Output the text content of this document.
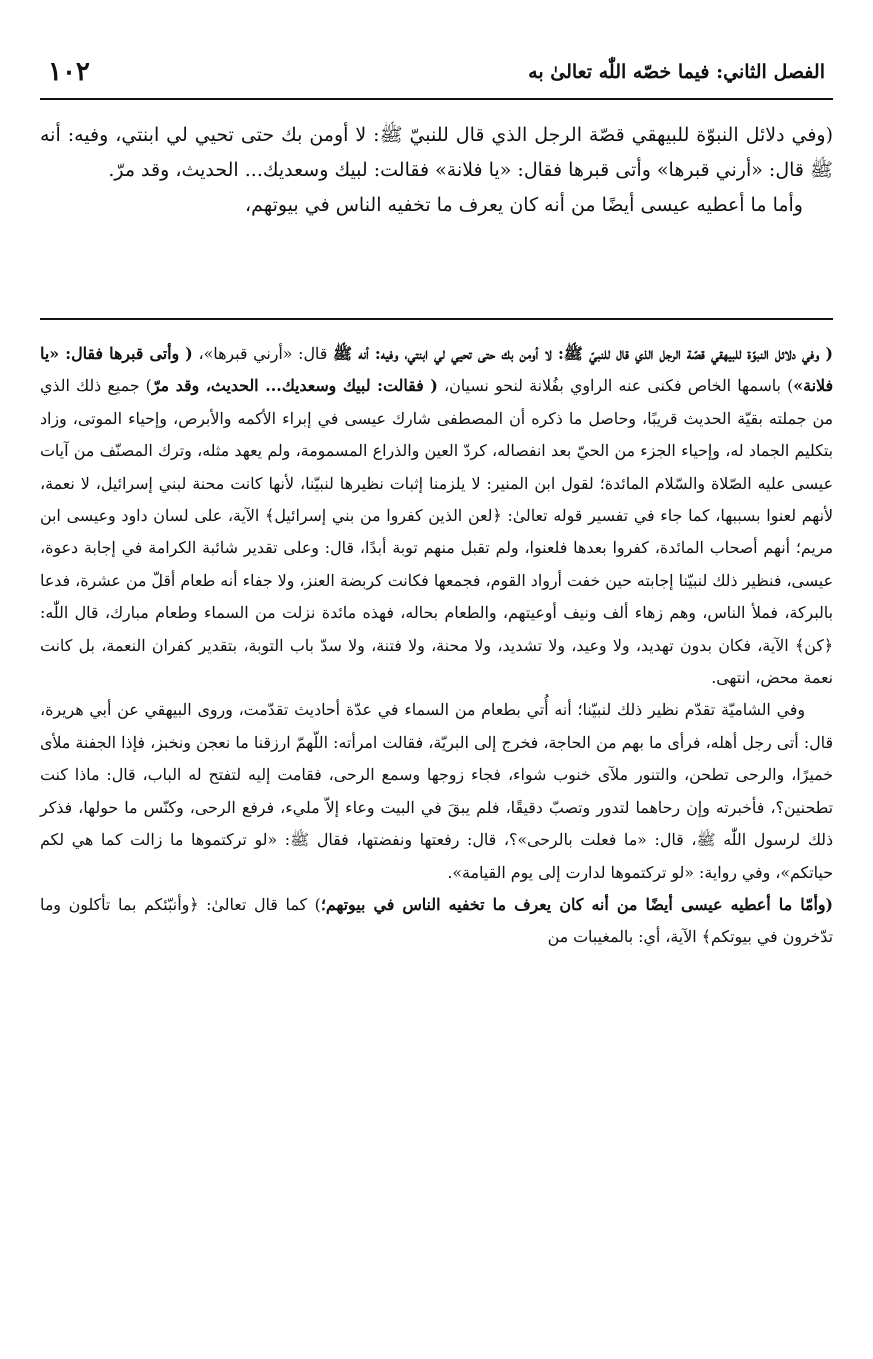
الفصل الثاني: فيما خصّه اللّٰه تعالىٰ به
١٠٢

(وفي دلائل النبوّة للبيهقي قصّة الرجل الذي قال للنبيّ ﷺ: لا أومن بك حتى تحيي لي ابنتي، وفيه: أنه ﷺ قال: «أرني قبرها» وأتى قبرها فقال: «يا فلانة» فقالت: لبيك وسعديك... الحديث، وقد مرّ.

وأما ما أعطيه عيسى أيضًا من أنه كان يعرف ما تخفيه الناس في بيوتهم،

( وفي دلائل النبوّة للبيهقي قصّة الرجل الذي قال للنبيّ ﷺ: لا أومن بك حتى تحيي لي ابنتي، وفيه: أنه ﷺ قال: «أرني قبرها»، ( وأتى قبرها فقال: «يا فلانة») باسمها الخاص فكنى عنه الراوي بفُلانة لنحو نسيان، ( فقالت: لبيك وسعديك... الحديث، وقد مرّ) جميع ذلك الذي من جملته بقيّة الحديث قريبًا، وحاصل ما ذكره أن المصطفى شارك عيسى في إبراء الأكمه والأبرص، وإحياء الموتى، وزاد بتكليم الجماد له، وإحياء الجزء من الحيّ بعد انفصاله، كردّ العين والذراع المسمومة، ولم يعهد مثله، وترك المصنّف من آيات عيسى عليه الصّلاة والسّلام المائدة؛ لقول ابن المنير: لا يلزمنا إثبات نظيرها لنبيّنا، لأنها كانت محنة لبني إسرائيل، لا نعمة، لأنهم لعنوا بسببها، كما جاء في تفسير قوله تعالىٰ: ﴿لعن الذين كفروا من بني إسرائيل﴾ الآية، على لسان داود وعيسى ابن مريم؛ أنهم أصحاب المائدة، كفروا بعدها فلعنوا، ولم تقبل منهم توبة أبدًا، قال: وعلى تقدير شائبة الكرامة في إجابة دعوة، عيسى، فنظير ذلك لنبيّنا إجابته حين خفت أرواد القوم، فجمعها فكانت كربضة العنز، ولا جفاء أنه طعام أقلّ من عشرة، فدعا بالبركة، فملأ الناس، وهم زهاء ألف ونيف أوعيتهم، والطعام بحاله، فهذه مائدة نزلت من السماء وطعام مبارك، قال اللّٰه: ﴿كن﴾ الآية، فكان بدون تهديد، ولا وعيد، ولا تشديد، ولا محنة، ولا فتنة، ولا سدّ باب التوبة، بتقدير كفران النعمة، بل كانت نعمة محض، انتهى.

وفي الشاميّة تقدّم نظير ذلك لنبيّنا؛ أنه أُتي بطعام من السماء في عدّة أحاديث تقدّمت، وروى البيهقي عن أبي هريرة، قال: أتى رجل أهله، فرأى ما بهم من الحاجة، فخرج إلى البريّة، فقالت امرأته: اللّهمّ ارزقنا ما نعجن ونخبز، فإذا الجفنة ملأى خميرًا، والرحى تطحن، والتنور ملآى خنوب شواء، فجاء زوجها وسمع الرحى، فقامت إليه لتفتح له الباب، قال: ماذا كنت تطحنين؟، فأخبرته وإن رحاهما لتدور وتصبّ دقيقًا، فلم يبقَ في البيت وعاء إلاّ مليء، فرفع الرحى، وكنّس ما حولها، فذكر ذلك لرسول اللّٰه ﷺ، قال: «ما فعلت بالرحى»؟، قال: رفعتها ونفضتها، فقال ﷺ: «لو تركتموها ما زالت كما هي لكم حياتكم»، وفي رواية: «لو تركتموها لدارت إلى يوم القيامة».

(وأمّا ما أعطيه عيسى أيضًا من أنه كان يعرف ما تخفيه الناس في بيوتهم؛) كما قال تعالىٰ: ﴿وأنبّئكم بما تأكلون وما تدّخرون في بيوتكم﴾ الآية، أي: بالمغيبات من
